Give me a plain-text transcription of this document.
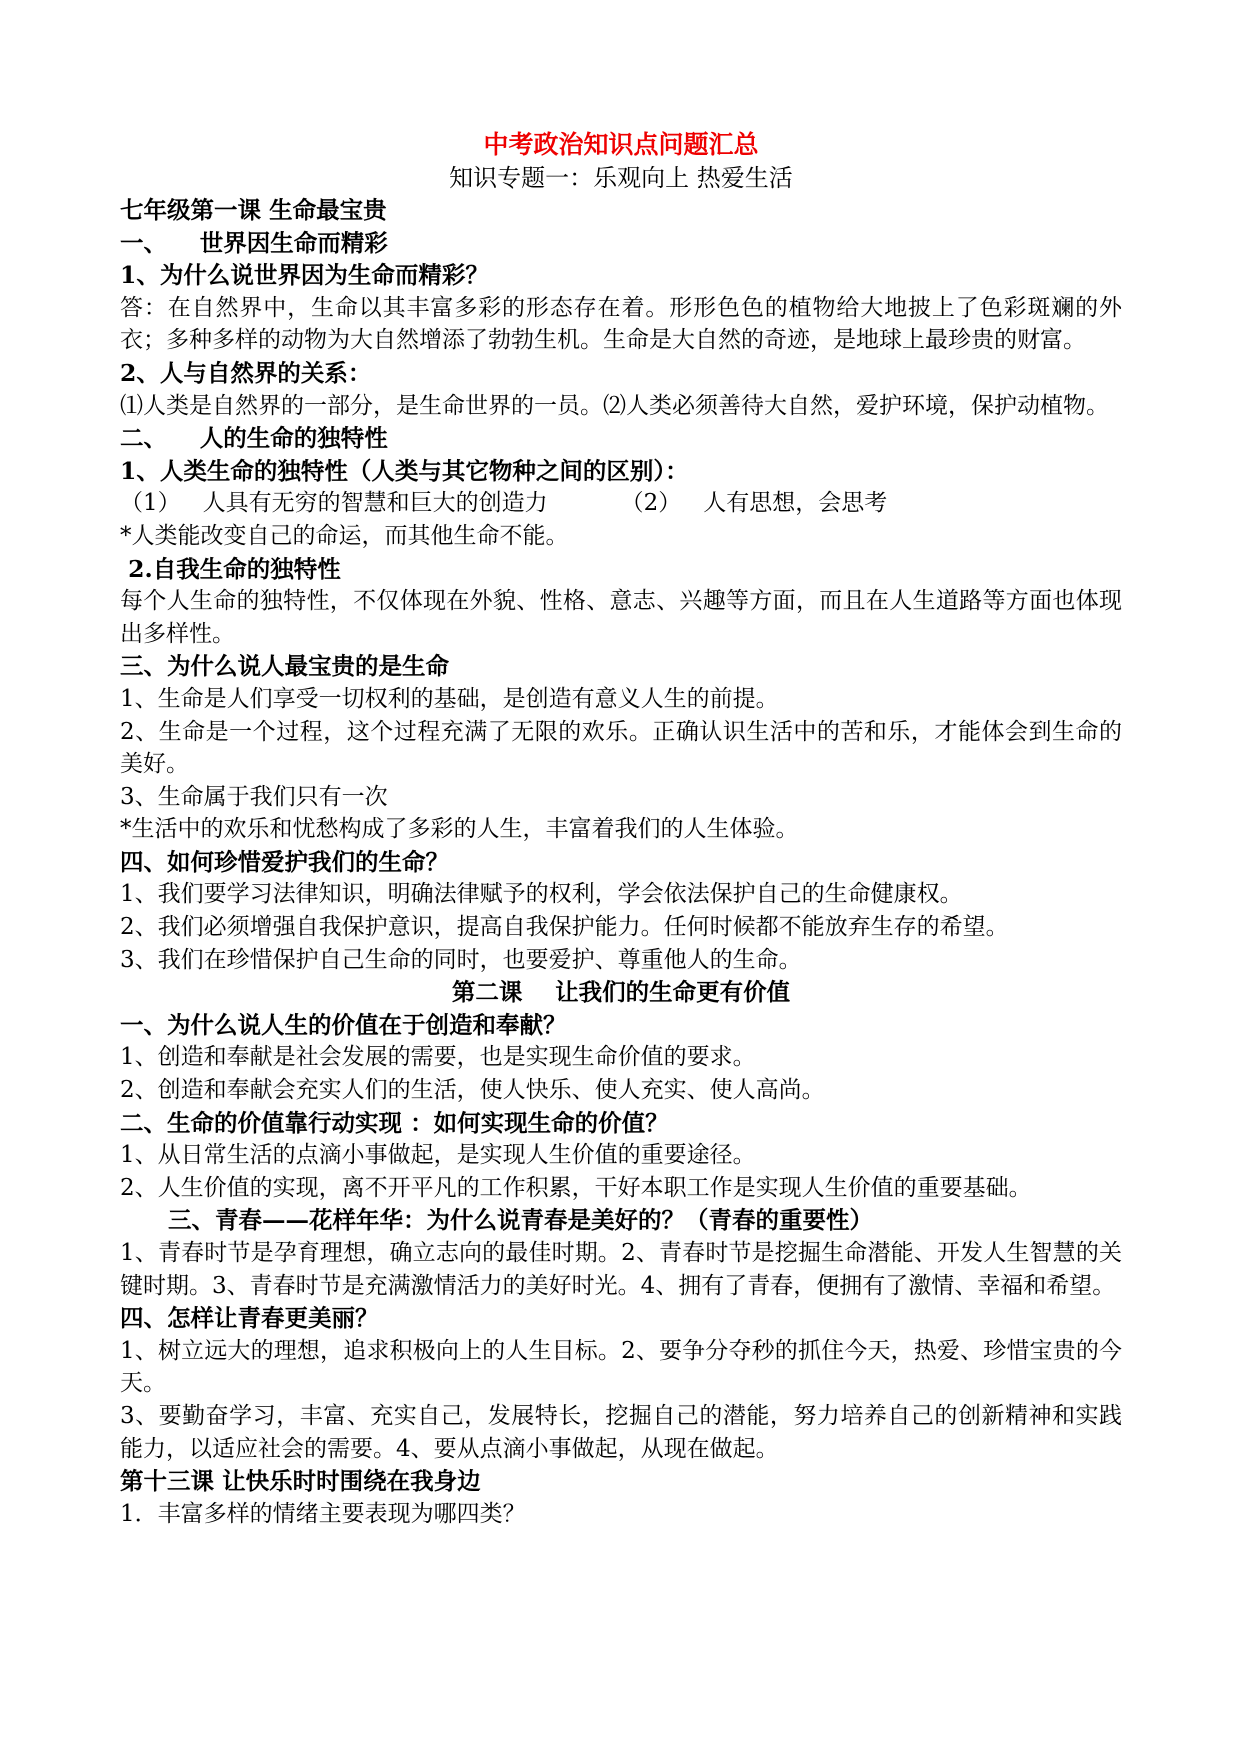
中考政治知识点问题汇总
知识专题一：乐观向上 热爱生活
七年级第一课 生命最宝贵
一、    世界因生命而精彩
1、为什么说世界因为生命而精彩？
答：在自然界中，生命以其丰富多彩的形态存在着。形形色色的植物给大地披上了色彩斑斓的外衣；多种多样的动物为大自然增添了勃勃生机。生命是大自然的奇迹，是地球上最珍贵的财富。
2、人与自然界的关系：
⑴人类是自然界的一部分，是生命世界的一员。⑵人类必须善待大自然，爱护环境，保护动植物。
二、    人的生命的独特性
1、人类生命的独特性（人类与其它物种之间的区别）：
（1）   人具有无穷的智慧和巨大的创造力          （2）   人有思想，会思考
*人类能改变自己的命运，而其他生命不能。
2.自我生命的独特性
每个人生命的独特性，不仅体现在外貌、性格、意志、兴趣等方面，而且在人生道路等方面也体现出多样性。
三、为什么说人最宝贵的是生命
1、生命是人们享受一切权利的基础，是创造有意义人生的前提。
2、生命是一个过程，这个过程充满了无限的欢乐。正确认识生活中的苦和乐，才能体会到生命的美好。
3、生命属于我们只有一次
*生活中的欢乐和忧愁构成了多彩的人生，丰富着我们的人生体验。
四、如何珍惜爱护我们的生命？
1、我们要学习法律知识，明确法律赋予的权利，学会依法保护自己的生命健康权。
2、我们必须增强自我保护意识，提高自我保护能力。任何时候都不能放弃生存的希望。
3、我们在珍惜保护自己生命的同时，也要爱护、尊重他人的生命。
第二课    让我们的生命更有价值
一、为什么说人生的价值在于创造和奉献？
1、创造和奉献是社会发展的需要，也是实现生命价值的要求。
2、创造和奉献会充实人们的生活，使人快乐、使人充实、使人高尚。
二、生命的价值靠行动实现 ：如何实现生命的价值？
1、从日常生活的点滴小事做起，是实现人生价值的重要途径。
2、人生价值的实现，离不开平凡的工作积累，干好本职工作是实现人生价值的重要基础。
三、青春——花样年华：为什么说青春是美好的？（青春的重要性）
1、青春时节是孕育理想，确立志向的最佳时期。2、青春时节是挖掘生命潜能、开发人生智慧的关键时期。3、青春时节是充满激情活力的美好时光。4、拥有了青春，便拥有了激情、幸福和希望。
四、怎样让青春更美丽？
1、树立远大的理想，追求积极向上的人生目标。2、要争分夺秒的抓住今天，热爱、珍惜宝贵的今天。
3、要勤奋学习，丰富、充实自己，发展特长，挖掘自己的潜能，努力培养自己的创新精神和实践能力，以适应社会的需要。4、要从点滴小事做起，从现在做起。
第十三课 让快乐时时围绕在我身边
1．丰富多样的情绪主要表现为哪四类？
